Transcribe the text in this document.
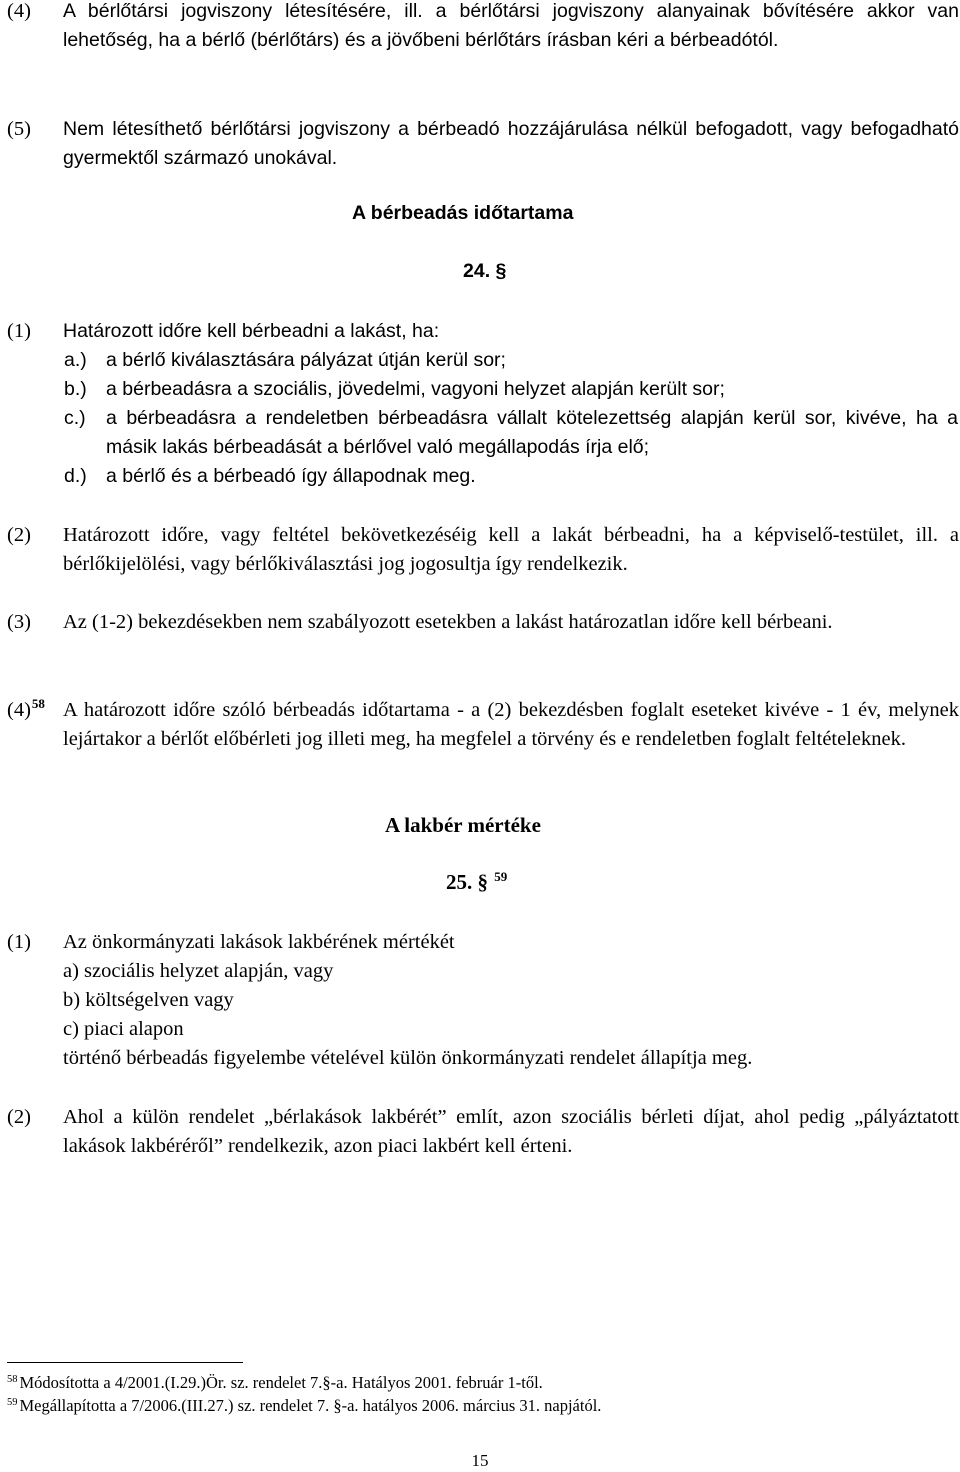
(4) A bérlőtársi jogviszony létesítésére, ill. a bérlőtársi jogviszony alanyainak bővítésére akkor van lehetőség, ha a bérlő (bérlőtárs) és a jövőbeni bérlőtárs írásban kéri a bérbeadótól.
(5) Nem létesíthető bérlőtársi jogviszony a bérbeadó hozzájárulása nélkül befogadott, vagy befogadható gyermektől származó unokával.
A bérbeadás időtartama
24. §
(1) Határozott időre kell bérbeadni a lakást, ha:
a.) a bérlő kiválasztására pályázat útján kerül sor;
b.) a bérbeadásra a szociális, jövedelmi, vagyoni helyzet alapján került sor;
c.) a bérbeadásra a rendeletben bérbeadásra vállalt kötelezettség alapján kerül sor, kivéve, ha a másik lakás bérbeadását a bérlővel való megállapodás írja elő;
d.) a bérlő és a bérbeadó így állapodnak meg.
(2) Határozott időre, vagy feltétel bekövetkezéséig kell a lakát bérbeadni, ha a képviselő-testület, ill. a bérlőkijelölési, vagy bérlőkiválasztási jog jogosultja így rendelkezik.
(3) Az (1-2) bekezdésekben nem szabályozott esetekben a lakást határozatlan időre kell bérbeani.
$(4)^{58}$ A határozott időre szóló bérbeadás időtartama - a (2) bekezdésben foglalt eseteket kivéve - 1 év, melynek lejártakor a bérlőt előbérleti jog illeti meg, ha megfelel a törvény és e rendeletben foglalt feltételeknek.
A lakbér mértéke
25. § $^{59}$
(1) Az önkormányzati lakások lakbérének mértékét
a) szociális helyzet alapján, vagy
b) költségelven vagy
c) piaci alapon
történő bérbeadás figyelembe vételével külön önkormányzati rendelet állapítja meg.
(2) Ahol a külön rendelet „bérlakások lakbérét” említ, azon szociális bérleti díjat, ahol pedig „pályáztatott lakások lakbéréről” rendelkezik, azon piaci lakbért kell érteni.
$^{58}$ Módosította a 4/2001.(I.29.)Ör. sz. rendelet 7.§-a. Hatályos 2001. február 1-től.
$^{59}$ Megállapította a 7/2006.(III.27.) sz. rendelet 7. §-a. hatályos 2006. március 31. napjától.
15
